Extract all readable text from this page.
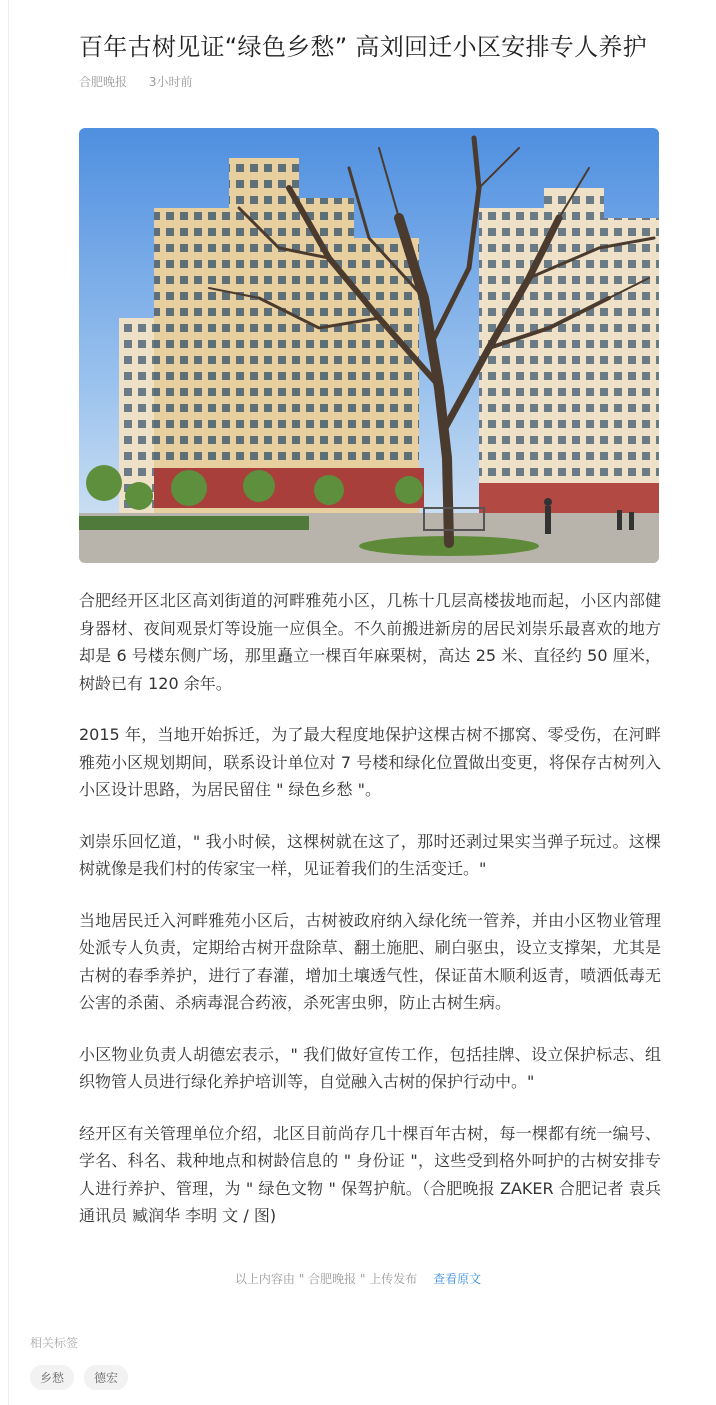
百年古树见证“绿色乡愁” 高刘回迁小区安排专人养护
合肥晚报 3小时前

合肥经开区北区高刘街道的河畔雅苑小区，几栋十几层高楼拔地而起，小区内部健身器材、夜间观景灯等设施一应俱全。不久前搬进新房的居民刘崇乐最喜欢的地方却是 6 号楼东侧广场，那里矗立一棵百年麻栗树，高达 25 米、直径约 50 厘米，树龄已有 120 余年。

2015 年，当地开始拆迁，为了最大程度地保护这棵古树不挪窝、零受伤，在河畔雅苑小区规划期间，联系设计单位对 7 号楼和绿化位置做出变更，将保存古树列入小区设计思路，为居民留住 " 绿色乡愁 "。

刘崇乐回忆道，" 我小时候，这棵树就在这了，那时还剥过果实当弹子玩过。这棵树就像是我们村的传家宝一样，见证着我们的生活变迁。"

当地居民迁入河畔雅苑小区后，古树被政府纳入绿化统一管养，并由小区物业管理处派专人负责，定期给古树开盘除草、翻土施肥、刷白驱虫，设立支撑架，尤其是古树的春季养护，进行了春灌，增加土壤透气性，保证苗木顺利返青，喷洒低毒无公害的杀菌、杀病毒混合药液，杀死害虫卵，防止古树生病。

小区物业负责人胡德宏表示，" 我们做好宣传工作，包括挂牌、设立保护标志、组织物管人员进行绿化养护培训等，自觉融入古树的保护行动中。"

经开区有关管理单位介绍，北区目前尚存几十棵百年古树，每一棵都有统一编号、学名、科名、栽种地点和树龄信息的 " 身份证 "，这些受到格外呵护的古树安排专人进行养护、管理，为 " 绿色文物 " 保驾护航。（合肥晚报 ZAKER 合肥记者 袁兵 通讯员 臧润华 李明 文 / 图)

以上内容由 " 合肥晚报 " 上传发布 查看原文
相关标签
乡愁	德宏
